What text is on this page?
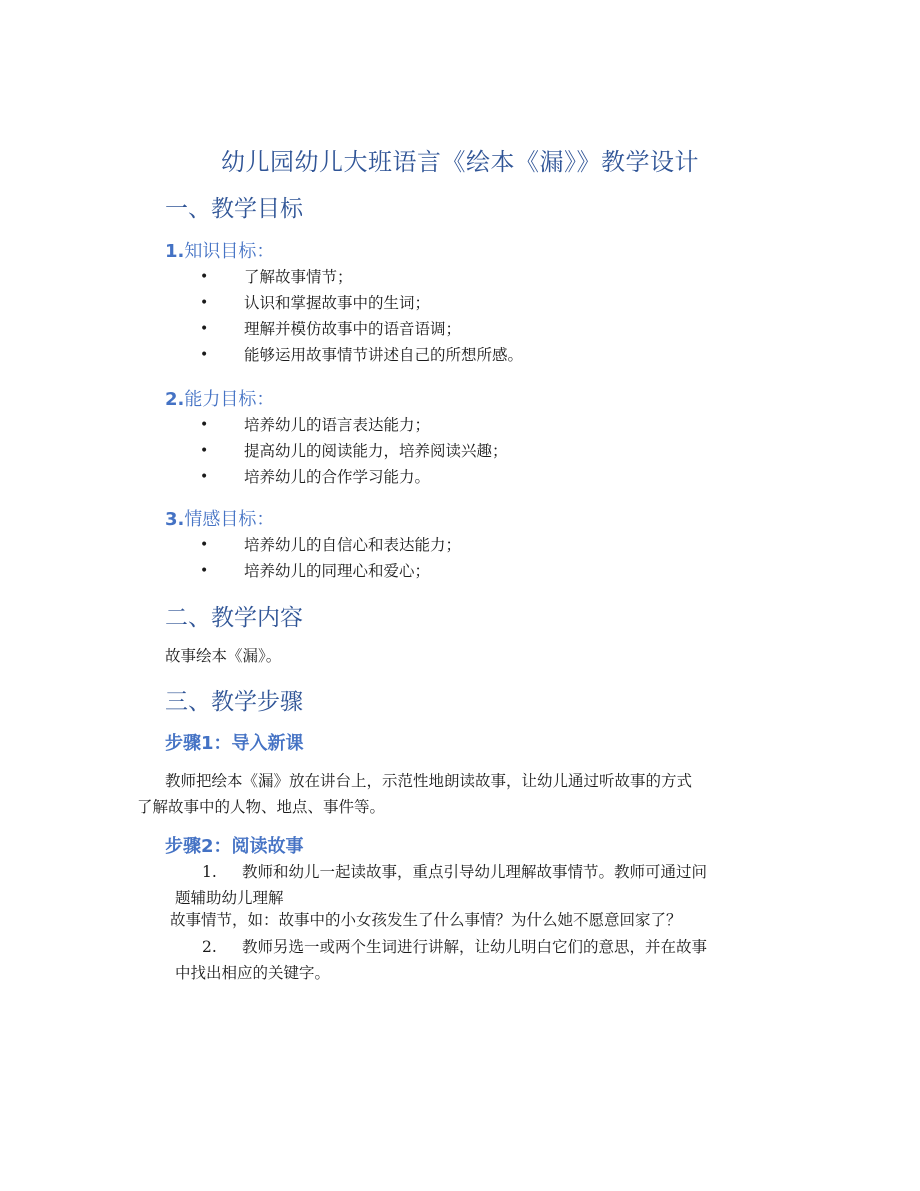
幼儿园幼儿大班语言《绘本《漏》》教学设计
一、教学目标
1.知识目标：
• 了解故事情节；
• 认识和掌握故事中的生词；
• 理解并模仿故事中的语音语调；
• 能够运用故事情节讲述自己的所想所感。
2.能力目标：
• 培养幼儿的语言表达能力；
• 提高幼儿的阅读能力，培养阅读兴趣；
• 培养幼儿的合作学习能力。
3.情感目标：
• 培养幼儿的自信心和表达能力；
• 培养幼儿的同理心和爱心；
二、教学内容
故事绘本《漏》。
三、教学步骤
步骤1：导入新课
教师把绘本《漏》放在讲台上，示范性地朗读故事，让幼儿通过听故事的方式
了解故事中的人物、地点、事件等。
步骤2：阅读故事
1.	教师和幼儿一起读故事，重点引导幼儿理解故事情节。教师可通过问
题辅助幼儿理解
故事情节，如：故事中的小女孩发生了什么事情？为什么她不愿意回家了？
2.	教师另选一或两个生词进行讲解，让幼儿明白它们的意思，并在故事
中找出相应的关键字。
